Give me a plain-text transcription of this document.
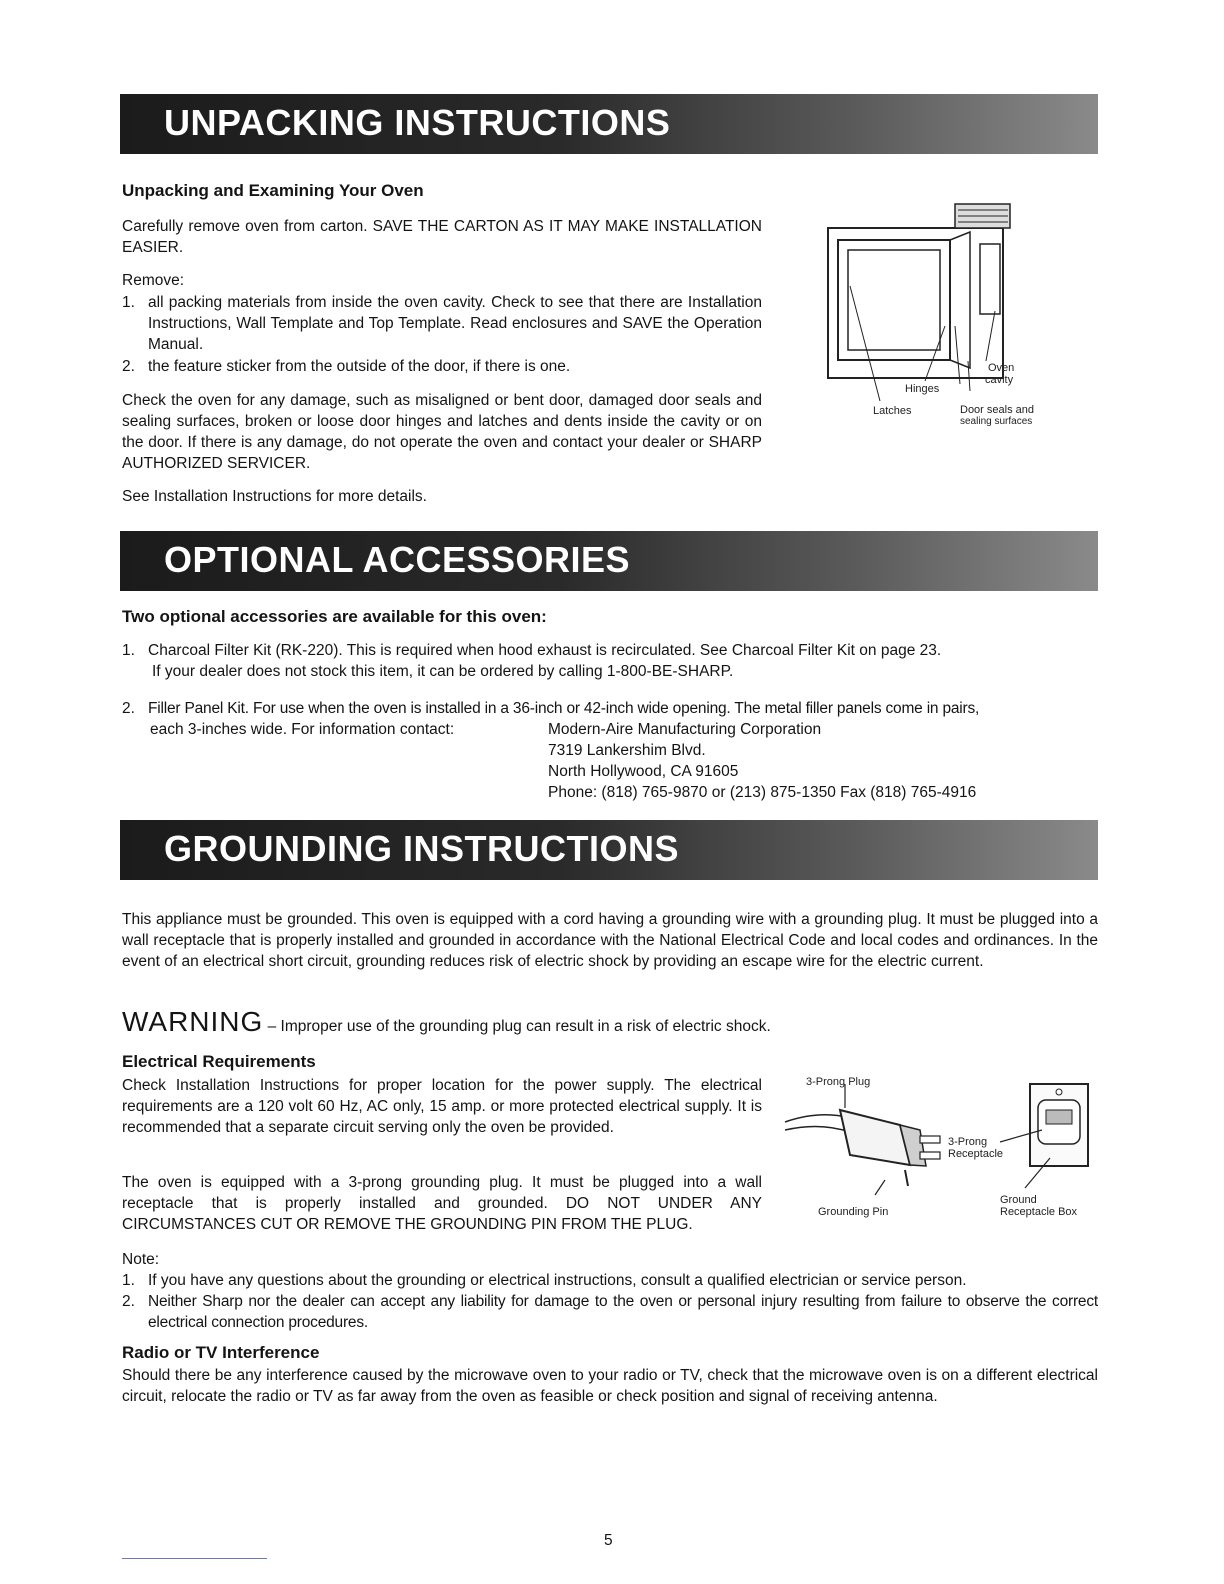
UNPACKING INSTRUCTIONS
Unpacking and Examining Your Oven
Carefully remove oven from carton. SAVE THE CARTON AS IT MAY MAKE INSTALLATION EASIER.
Remove:
1. all packing materials from inside the oven cavity. Check to see that there are Installation Instructions, Wall Template and Top Template. Read enclosures and SAVE the Operation Manual.
2. the feature sticker from the outside of the door, if there is one.
Check the oven for any damage, such as misaligned or bent door, damaged door seals and sealing surfaces, broken or loose door hinges and latches and dents inside the cavity or on the door. If there is any damage, do not operate the oven and contact your dealer or SHARP AUTHORIZED SERVICER.
See Installation Instructions for more details.
Hinges
Latches
Oven
cavity
Door seals and
sealing surfaces
OPTIONAL ACCESSORIES
Two optional accessories are available for this oven:
1. Charcoal Filter Kit (RK-220). This is required when hood exhaust is recirculated. See Charcoal Filter Kit on page 23.
If your dealer does not stock this item, it can be ordered by calling 1-800-BE-SHARP.
2. Filler Panel Kit. For use when the oven is installed in a 36-inch or 42-inch wide opening. The metal filler panels come in pairs,
each 3-inches wide. For information contact:	Modern-Aire Manufacturing Corporation
7319 Lankershim Blvd.
North Hollywood, CA 91605
Phone: (818) 765-9870 or (213) 875-1350 Fax (818) 765-4916
GROUNDING INSTRUCTIONS
This appliance must be grounded. This oven is equipped with a cord having a grounding wire with a grounding plug. It must be plugged into a wall receptacle that is properly installed and grounded in accordance with the National Electrical Code and local codes and ordinances. In the event of an electrical short circuit, grounding reduces risk of electric shock by providing an escape wire for the electric current.
WARNING – Improper use of the grounding plug can result in a risk of electric shock.
Electrical Requirements
Check Installation Instructions for proper location for the power supply. The electrical requirements are a 120 volt 60 Hz, AC only, 15 amp. or more protected electrical supply. It is recommended that a separate circuit serving only the oven be provided.
The oven is equipped with a 3-prong grounding plug. It must be plugged into a wall receptacle that is properly installed and grounded. DO NOT UNDER ANY CIRCUMSTANCES CUT OR REMOVE THE GROUNDING PIN FROM THE PLUG.
3-Prong Plug
Grounding Pin
3-Prong
Receptacle
Ground
Receptacle Box
Note:
1. If you have any questions about the grounding or electrical instructions, consult a qualified electrician or service person.
2. Neither Sharp nor the dealer can accept any liability for damage to the oven or personal injury resulting from failure to observe the correct electrical connection procedures.
Radio or TV Interference
Should there be any interference caused by the microwave oven to your radio or TV, check that the microwave oven is on a different electrical circuit, relocate the radio or TV as far away from the oven as feasible or check position and signal of receiving antenna.
5
